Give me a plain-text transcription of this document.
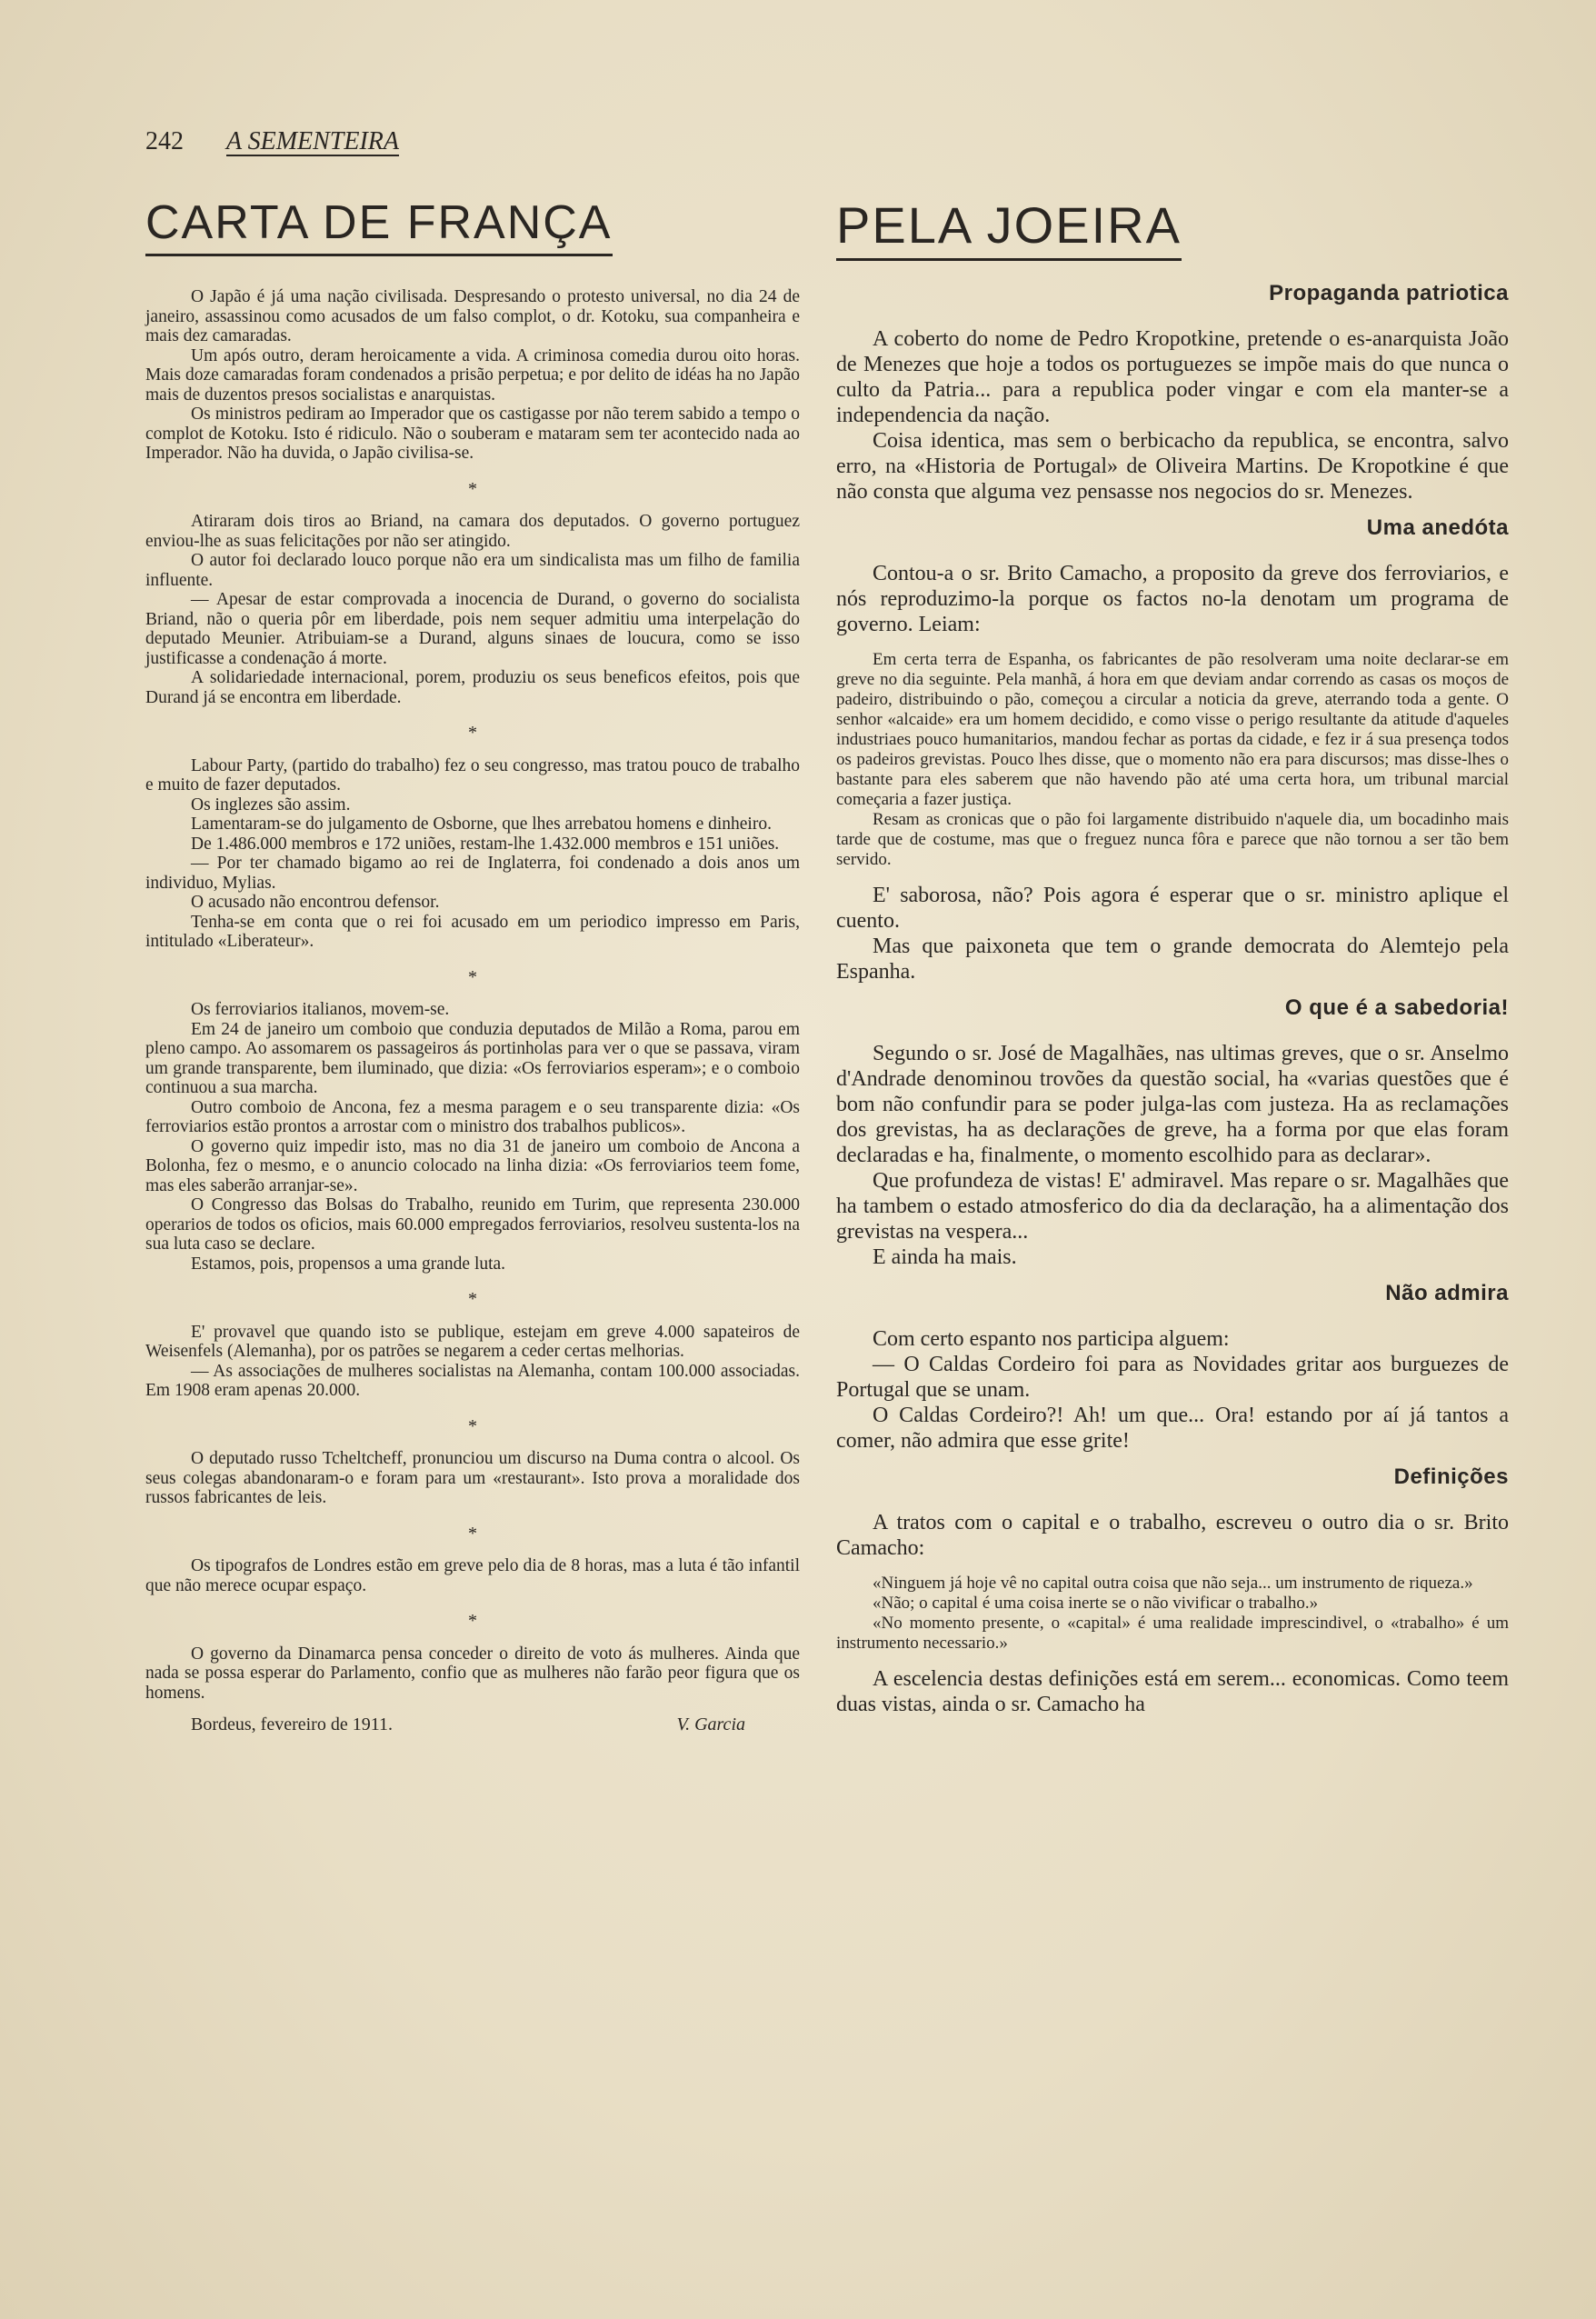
242 A SEMENTEIRA
CARTA DE FRANÇA

O Japão é já uma nação civilisada. Despresando o protesto universal, no dia 24 de janeiro, assassinou como acusados de um falso complot, o dr. Kotoku, sua companheira e mais dez camaradas.

Um após outro, deram heroicamente a vida. A criminosa comedia durou oito horas. Mais doze camaradas foram condenados a prisão perpetua; e por delito de idéas ha no Japão mais de duzentos presos socialistas e anarquistas.

Os ministros pediram ao Imperador que os castigasse por não terem sabido a tempo o complot de Kotoku. Isto é ridiculo. Não o souberam e mataram sem ter acontecido nada ao Imperador. Não ha duvida, o Japão civilisa-se.

*

Atiraram dois tiros ao Briand, na camara dos deputados. O governo portuguez enviou-lhe as suas felicitações por não ser atingido.

O autor foi declarado louco porque não era um sindicalista mas um filho de familia influente.

— Apesar de estar comprovada a inocencia de Durand, o governo do socialista Briand, não o queria pôr em liberdade, pois nem sequer admitiu uma interpelação do deputado Meunier. Atribuiam-se a Durand, alguns sinaes de loucura, como se isso justificasse a condenação á morte.

A solidariedade internacional, porem, produziu os seus beneficos efeitos, pois que Durand já se encontra em liberdade.

*

Labour Party, (partido do trabalho) fez o seu congresso, mas tratou pouco de trabalho e muito de fazer deputados.

Os inglezes são assim.

Lamentaram-se do julgamento de Osborne, que lhes arrebatou homens e dinheiro.

De 1.486.000 membros e 172 uniões, restam-lhe 1.432.000 membros e 151 uniões.

— Por ter chamado bigamo ao rei de Inglaterra, foi condenado a dois anos um individuo, Mylias.

O acusado não encontrou defensor.

Tenha-se em conta que o rei foi acusado em um periodico impresso em Paris, intitulado «Liberateur».

*

Os ferroviarios italianos, movem-se.

Em 24 de janeiro um comboio que conduzia deputados de Milão a Roma, parou em pleno campo. Ao assomarem os passageiros ás portinholas para ver o que se passava, viram um grande transparente, bem iluminado, que dizia: «Os ferroviarios esperam»; e o comboio continuou a sua marcha.

Outro comboio de Ancona, fez a mesma paragem e o seu transparente dizia: «Os ferroviarios estão prontos a arrostar com o ministro dos trabalhos publicos».

O governo quiz impedir isto, mas no dia 31 de janeiro um comboio de Ancona a Bolonha, fez o mesmo, e o anuncio colocado na linha dizia: «Os ferroviarios teem fome, mas eles saberão arranjar-se».

O Congresso das Bolsas do Trabalho, reunido em Turim, que representa 230.000 operarios de todos os oficios, mais 60.000 empregados ferroviarios, resolveu sustenta-los na sua luta caso se declare.

Estamos, pois, propensos a uma grande luta.

*

E' provavel que quando isto se publique, estejam em greve 4.000 sapateiros de Weisenfels (Alemanha), por os patrões se negarem a ceder certas melhorias.

— As associações de mulheres socialistas na Alemanha, contam 100.000 associadas. Em 1908 eram apenas 20.000.

*

O deputado russo Tcheltcheff, pronunciou um discurso na Duma contra o alcool. Os seus colegas abandonaram-o e foram para um «restaurant». Isto prova a moralidade dos russos fabricantes de leis.

*

Os tipografos de Londres estão em greve pelo dia de 8 horas, mas a luta é tão infantil que não merece ocupar espaço.

*

O governo da Dinamarca pensa conceder o direito de voto ás mulheres. Ainda que nada se possa esperar do Parlamento, confio que as mulheres não farão peor figura que os homens.

Bordeus, fevereiro de 1911.	V. Garcia
PELA JOEIRA
Propaganda patriotica

A coberto do nome de Pedro Kropotkine, pretende o es-anarquista João de Menezes que hoje a todos os portuguezes se impõe mais do que nunca o culto da Patria... para a republica poder vingar e com ela manter-se a independencia da nação.

Coisa identica, mas sem o berbicacho da republica, se encontra, salvo erro, na «Historia de Portugal» de Oliveira Martins. De Kropotkine é que não consta que alguma vez pensasse nos negocios do sr. Menezes.

Uma anedóta

Contou-a o sr. Brito Camacho, a proposito da greve dos ferroviarios, e nós reproduzimo-la porque os factos no-la denotam um programa de governo. Leiam:

Em certa terra de Espanha, os fabricantes de pão resolveram uma noite declarar-se em greve no dia seguinte. Pela manhã, á hora em que deviam andar correndo as casas os moços de padeiro, distribuindo o pão, começou a circular a noticia da greve, aterrando toda a gente. O senhor «alcaide» era um homem decidido, e como visse o perigo resultante da atitude d'aqueles industriaes pouco humanitarios, mandou fechar as portas da cidade, e fez ir á sua presença todos os padeiros grevistas. Pouco lhes disse, que o momento não era para discursos; mas disse-lhes o bastante para eles saberem que não havendo pão até uma certa hora, um tribunal marcial começaria a fazer justiça.

Resam as cronicas que o pão foi largamente distribuido n'aquele dia, um bocadinho mais tarde que de costume, mas que o freguez nunca fôra e parece que não tornou a ser tão bem servido.

E' saborosa, não? Pois agora é esperar que o sr. ministro aplique el cuento.

Mas que paixoneta que tem o grande democrata do Alemtejo pela Espanha.

O que é a sabedoria!

Segundo o sr. José de Magalhães, nas ultimas greves, que o sr. Anselmo d'Andrade denominou trovões da questão social, ha «varias questões que é bom não confundir para se poder julga-las com justeza. Ha as reclamações dos grevistas, ha as declarações de greve, ha a forma por que elas foram declaradas e ha, finalmente, o momento escolhido para as declarar».

Que profundeza de vistas! E' admiravel. Mas repare o sr. Magalhães que ha tambem o estado atmosferico do dia da declaração, ha a alimentação dos grevistas na vespera...

E ainda ha mais.

Não admira

Com certo espanto nos participa alguem:

— O Caldas Cordeiro foi para as Novidades gritar aos burguezes de Portugal que se unam.

O Caldas Cordeiro?! Ah! um que... Ora! estando por aí já tantos a comer, não admira que esse grite!

Definições

A tratos com o capital e o trabalho, escreveu o outro dia o sr. Brito Camacho:

«Ninguem já hoje vê no capital outra coisa que não seja... um instrumento de riqueza.»

«Não; o capital é uma coisa inerte se o não vivificar o trabalho.»

«No momento presente, o «capital» é uma realidade imprescindivel, o «trabalho» é um instrumento necessario.»

A escelencia destas definições está em serem... economicas. Como teem duas vistas, ainda o sr. Camacho ha
